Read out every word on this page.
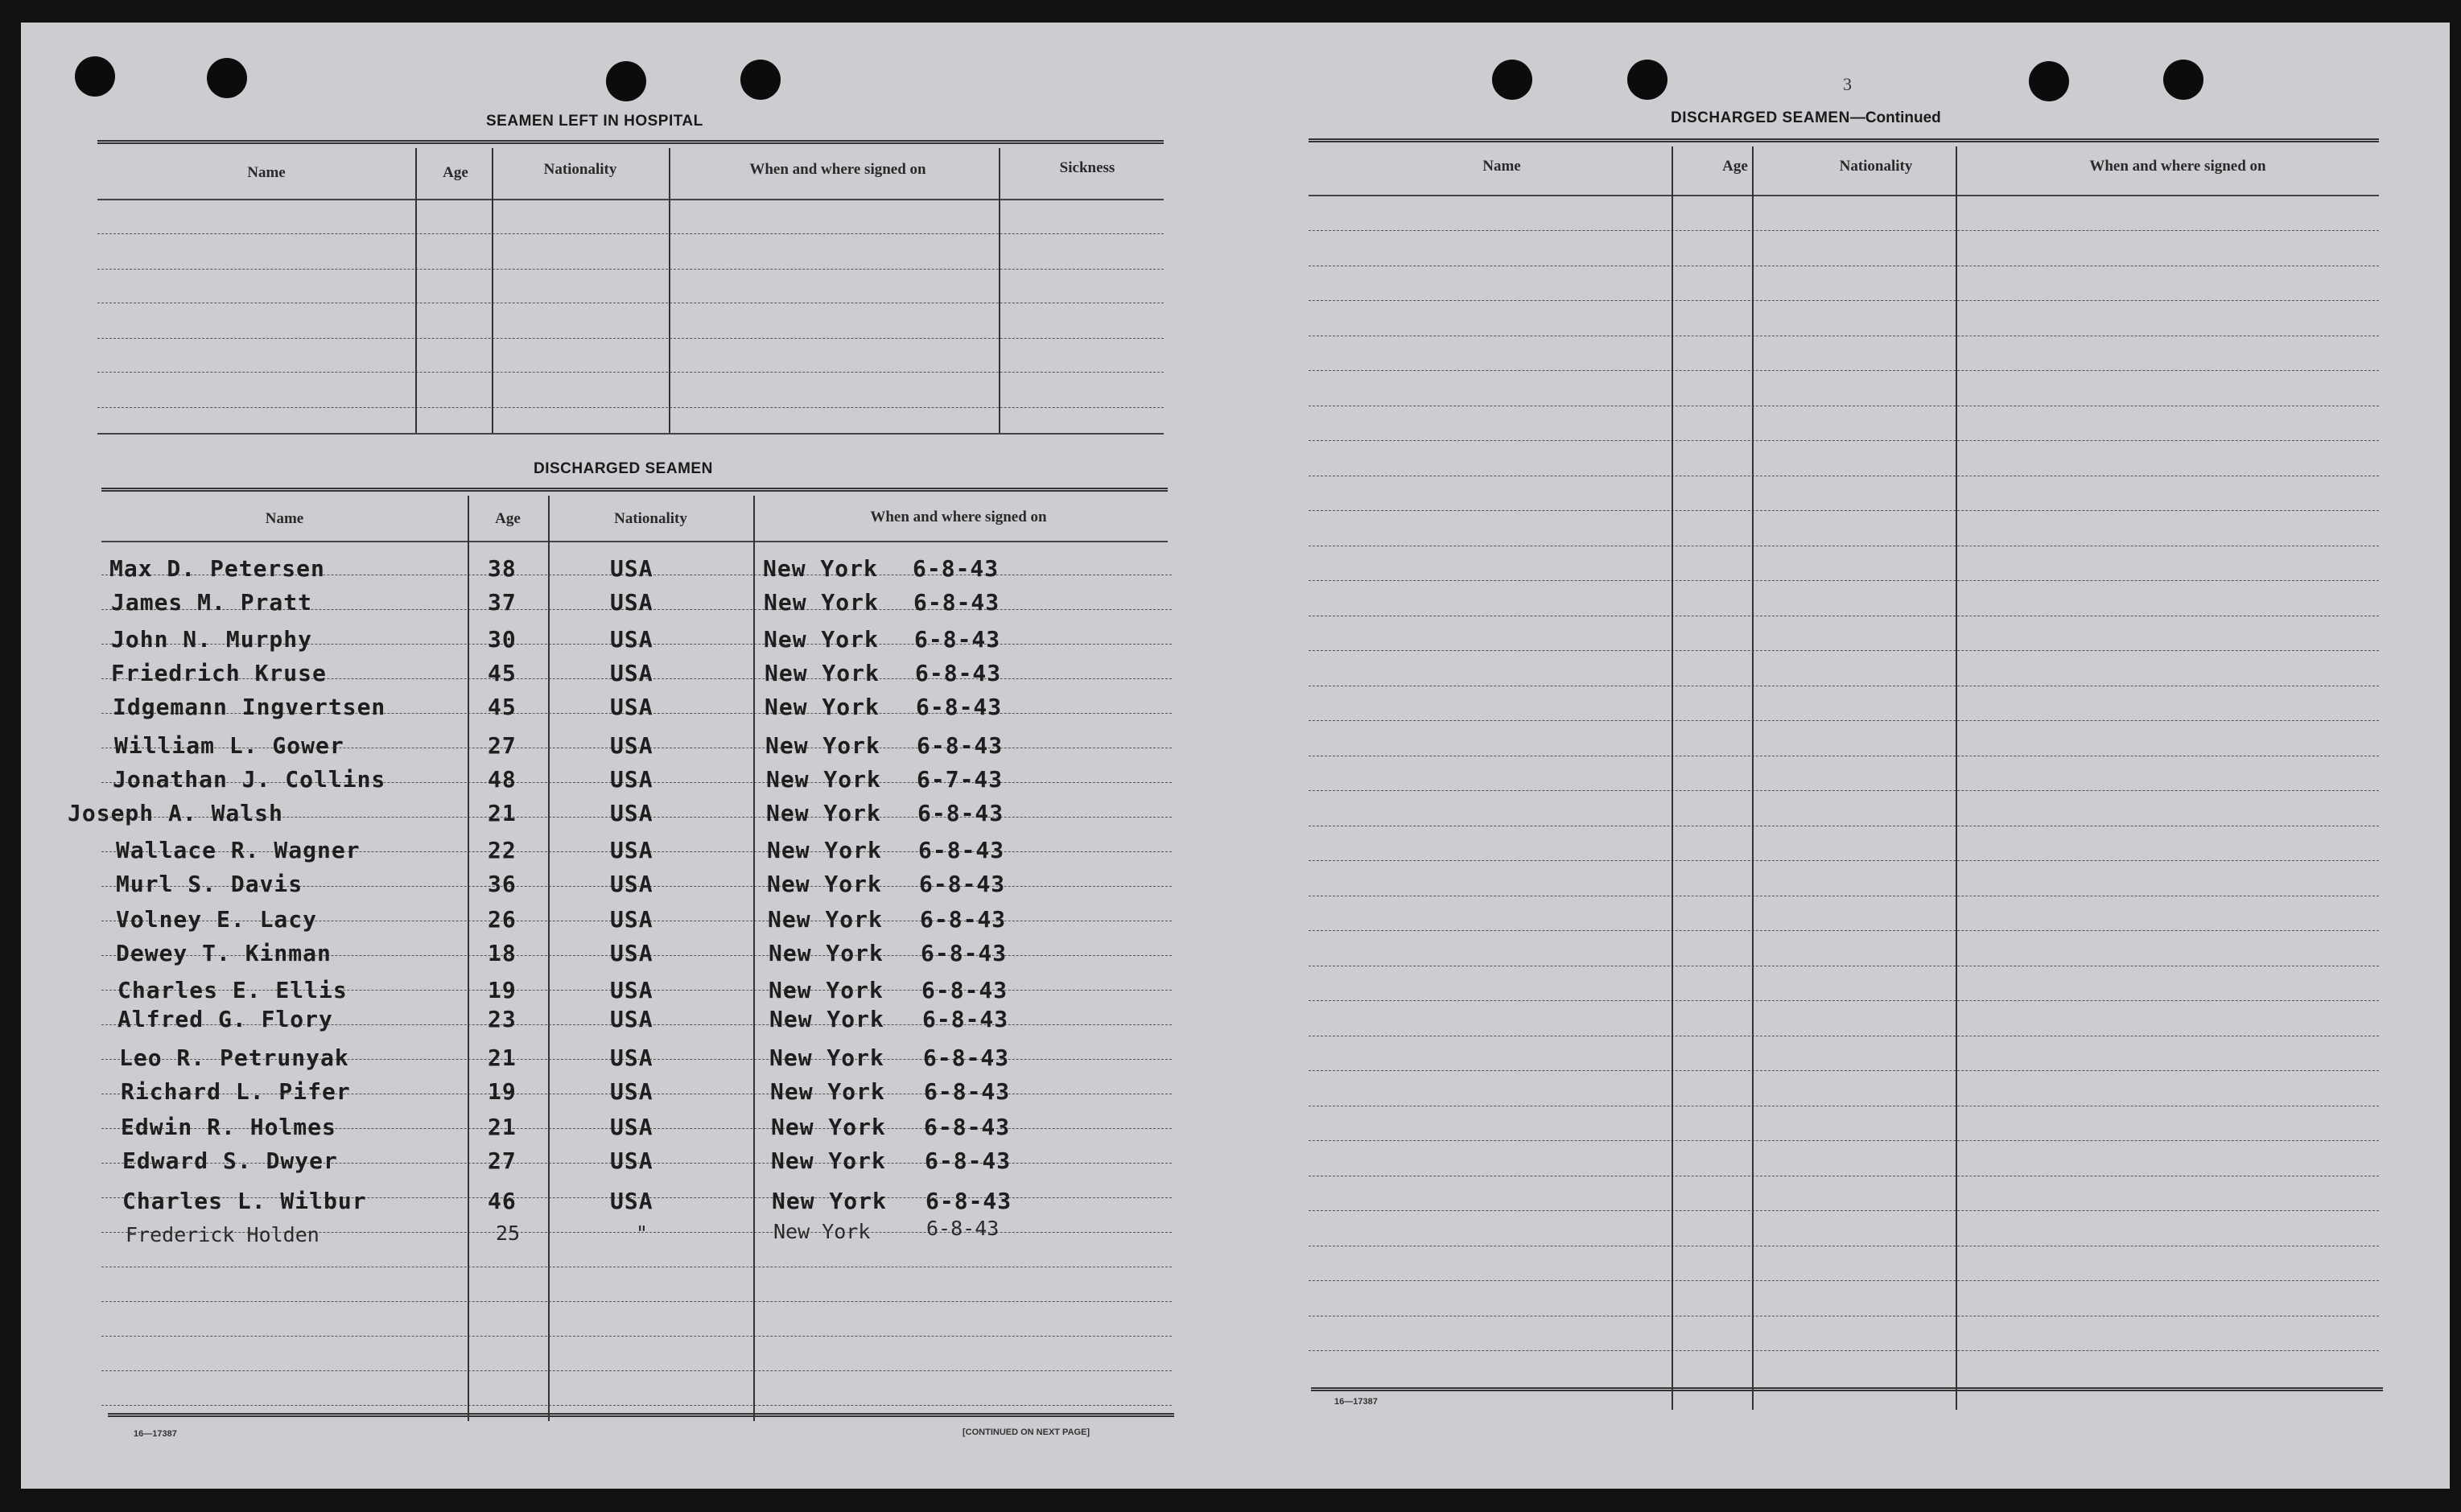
SEAMEN LEFT IN HOSPITAL
Name	Age	Nationality	When and where signed on	Sickness
DISCHARGED SEAMEN
Name	Age	Nationality	When and where signed on
Max D. Petersen	38	USA	New York 6-8-43
James M. Pratt	37	USA	New York 6-8-43
John N. Murphy	30	USA	New York 6-8-43
Friedrich Kruse	45	USA	New York 6-8-43
Idgemann Ingvertsen	45	USA	New York 6-8-43
William L. Gower	27	USA	New York 6-8-43
Jonathan J. Collins	48	USA	New York 6-7-43
Joseph A. Walsh	21	USA	New York 6-8-43
Wallace R. Wagner	22	USA	New York 6-8-43
Murl S. Davis	36	USA	New York 6-8-43
Volney E. Lacy	26	USA	New York 6-8-43
Dewey T. Kinman	18	USA	New York 6-8-43
Charles E. Ellis	19	USA	New York 6-8-43
Alfred G. Flory	23	USA	New York 6-8-43
Leo R. Petrunyak	21	USA	New York 6-8-43
Richard L. Pifer	19	USA	New York 6-8-43
Edwin R. Holmes	21	USA	New York 6-8-43
Edward S. Dwyer	27	USA	New York 6-8-43
Charles L. Wilbur	46	USA	New York 6-8-43
Frederick Holden	25	"	New York	6-8-43
16—17387	[CONTINUED ON NEXT PAGE]
3
DISCHARGED SEAMEN—Continued
Name	Age	Nationality	When and where signed on
16—17387
